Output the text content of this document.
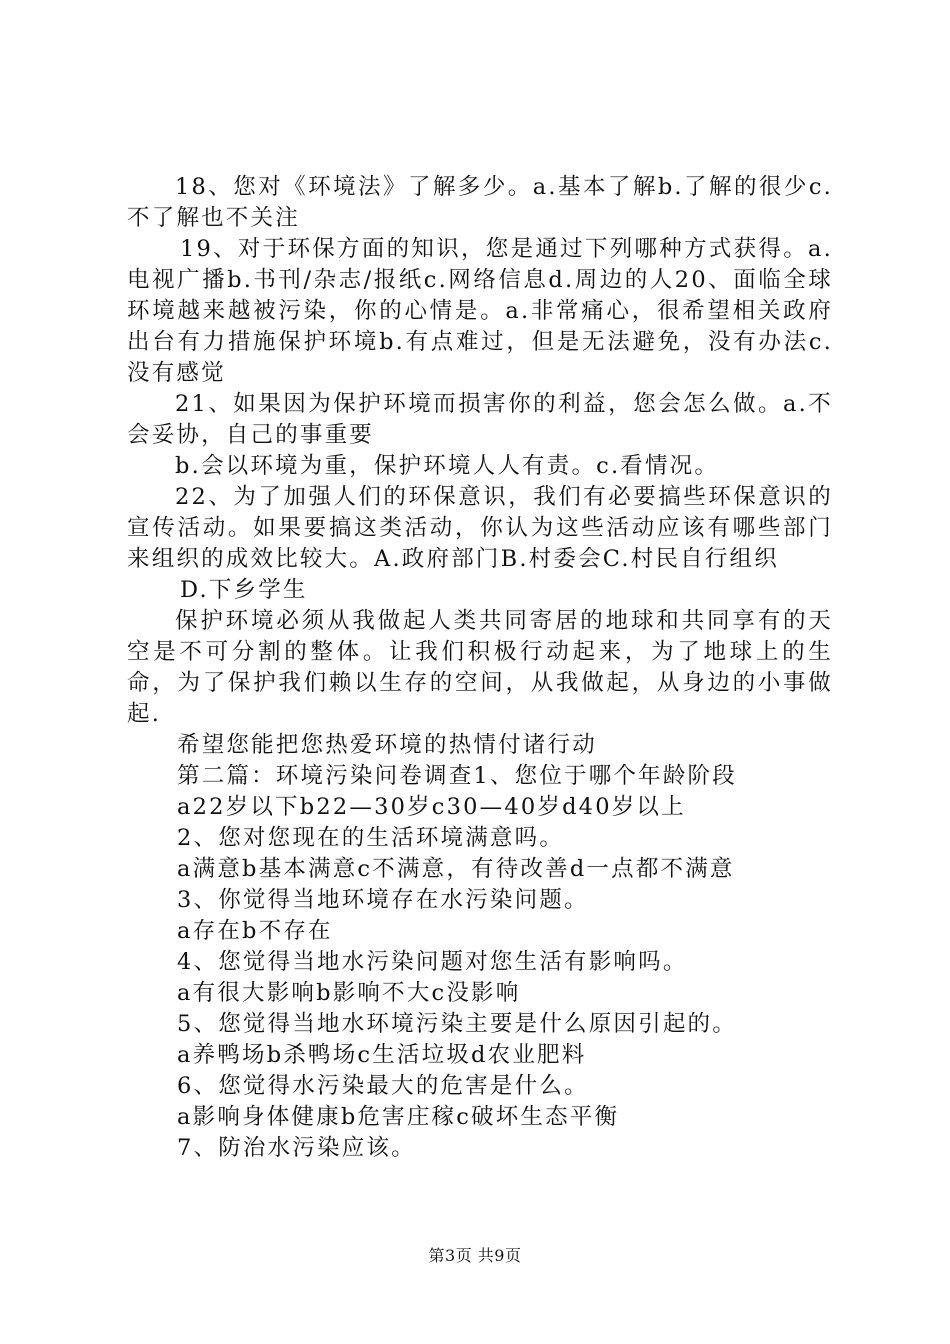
18、您对《环境法》了解多少。a.基本了解b.了解的很少c.不了解也不关注

19、对于环保方面的知识，您是通过下列哪种方式获得。a.电视广播b.书刊/杂志/报纸c.网络信息d.周边的人20、面临全球环境越来越被污染，你的心情是。a.非常痛心，很希望相关政府出台有力措施保护环境b.有点难过，但是无法避免，没有办法c.没有感觉

21、如果因为保护环境而损害你的利益，您会怎么做。a.不会妥协，自己的事重要

b.会以环境为重，保护环境人人有责。c.看情况。

22、为了加强人们的环保意识，我们有必要搞些环保意识的宣传活动。如果要搞这类活动，你认为这些活动应该有哪些部门来组织的成效比较大。A.政府部门B.村委会C.村民自行组织

D.下乡学生

保护环境必须从我做起人类共同寄居的地球和共同享有的天空是不可分割的整体。让我们积极行动起来，为了地球上的生命，为了保护我们赖以生存的空间，从我做起，从身边的小事做起.

希望您能把您热爱环境的热情付诸行动

第二篇：环境污染问卷调查1、您位于哪个年龄阶段

a22岁以下b22—30岁c30—40岁d40岁以上

2、您对您现在的生活环境满意吗。

a满意b基本满意c不满意，有待改善d一点都不满意

3、你觉得当地环境存在水污染问题。

a存在b不存在

4、您觉得当地水污染问题对您生活有影响吗。

a有很大影响b影响不大c没影响

5、您觉得当地水环境污染主要是什么原因引起的。

a养鸭场b杀鸭场c生活垃圾d农业肥料

6、您觉得水污染最大的危害是什么。

a影响身体健康b危害庄稼c破坏生态平衡

7、防治水污染应该。

第3页 共9页
